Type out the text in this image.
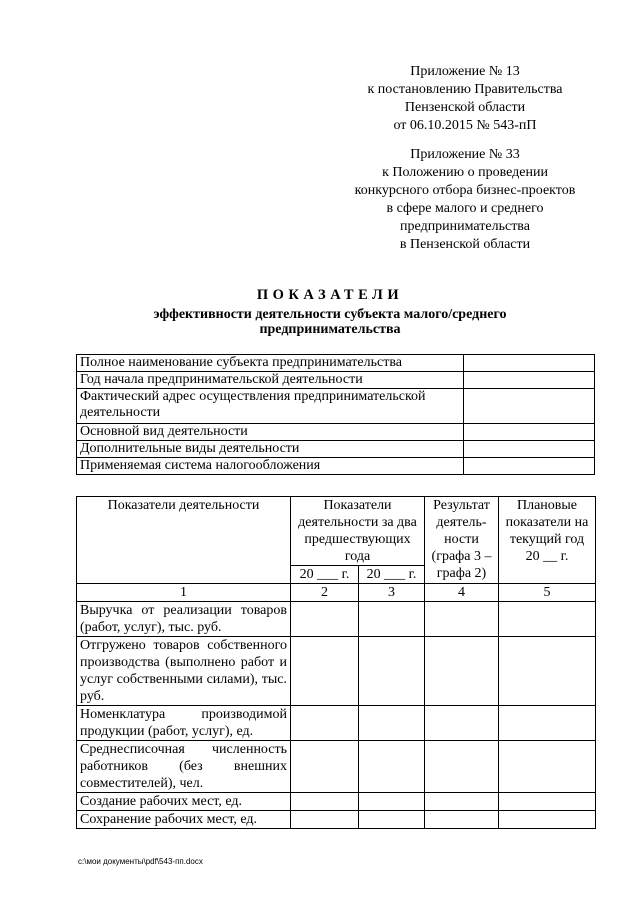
Приложение № 13
к постановлению Правительства
Пензенской области
от 06.10.2015 № 543-пП
Приложение № 33
к Положению о проведении
конкурсного отбора бизнес-проектов
в сфере малого и среднего
предпринимательства
в Пензенской области
ПОКАЗАТЕЛИ
эффективности деятельности субъекта малого/среднего
предпринимательства
Полное наименование субъекта предпринимательства	
Год начала предпринимательской деятельности	
Фактический адрес осуществления предпринимательской деятельности	
Основной вид деятельности	
Дополнительные виды деятельности	
Применяемая система налогообложения	
Показатели деятельности	Показатели деятельности за два предшествующих года		Результат деятель-ности (графа 3 – графа 2)	Плановые показатели на текущий год 20 __ г.
	20 ___ г.	20 ___ г.		
1	2	3	4	5
Выручка от реализации товаров (работ, услуг), тыс. руб.				
Отгружено товаров собственного производства (выполнено работ и услуг собственными силами), тыс. руб.				
Номенклатура производимой продукции (работ, услуг), ед.				
Среднесписочная численность работников (без внешних совместителей), чел.				
Создание рабочих мест, ед.				
Сохранение рабочих мест, ед.				
c:\мои документы\pdf\543-пп.docx
